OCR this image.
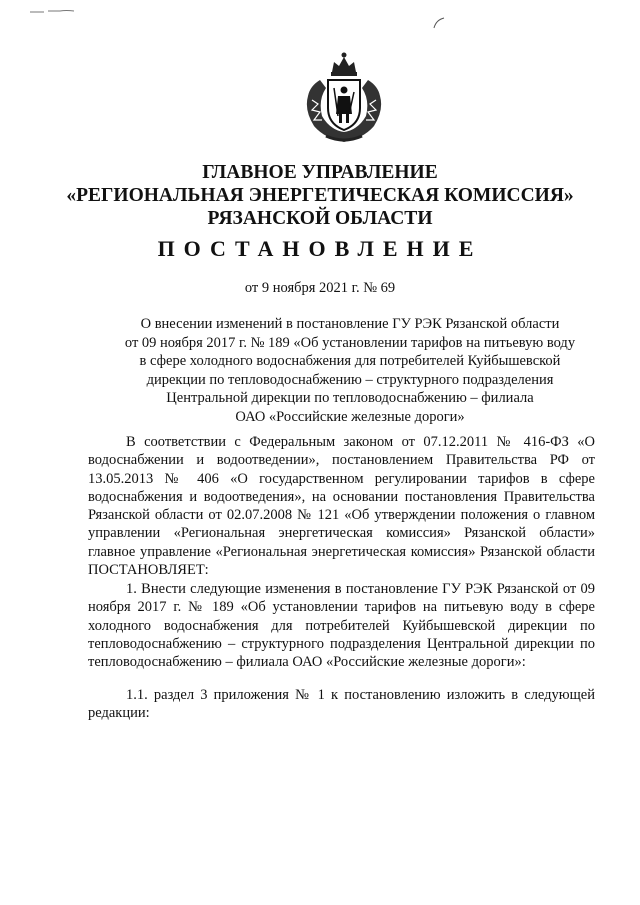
ГЛАВНОЕ УПРАВЛЕНИЕ
«РЕГИОНАЛЬНАЯ ЭНЕРГЕТИЧЕСКАЯ КОМИССИЯ»
РЯЗАНСКОЙ ОБЛАСТИ
ПОСТАНОВЛЕНИЕ
от 9 ноября 2021 г. № 69
О внесении изменений в постановление ГУ РЭК Рязанской области
от 09 ноября 2017 г. № 189 «Об установлении тарифов на питьевую воду
в сфере холодного водоснабжения для потребителей Куйбышевской
дирекции по тепловодоснабжению – структурного подразделения
Центральной дирекции по тепловодоснабжению – филиала
ОАО «Российские железные дороги»
В соответствии с Федеральным законом от 07.12.2011 № 416-ФЗ «О водоснабжении и водоотведении», постановлением Правительства РФ от 13.05.2013 № 406 «О государственном регулировании тарифов в сфере водоснабжения и водоотведения», на основании постановления Правительства Рязанской области от 02.07.2008 № 121 «Об утверждении положения о главном управлении «Региональная энергетическая комиссия» Рязанской области» главное управление «Региональная энергетическая комиссия» Рязанской области ПОСТАНОВЛЯЕТ:
1. Внести следующие изменения в постановление ГУ РЭК Рязанской от 09 ноября 2017 г. № 189 «Об установлении тарифов на питьевую воду в сфере холодного водоснабжения для потребителей Куйбышевской дирекции по тепловодоснабжению – структурного подразделения Центральной дирекции по тепловодоснабжению – филиала ОАО «Российские железные дороги»:
1.1. раздел 3 приложения № 1 к постановлению изложить в следующей редакции:
